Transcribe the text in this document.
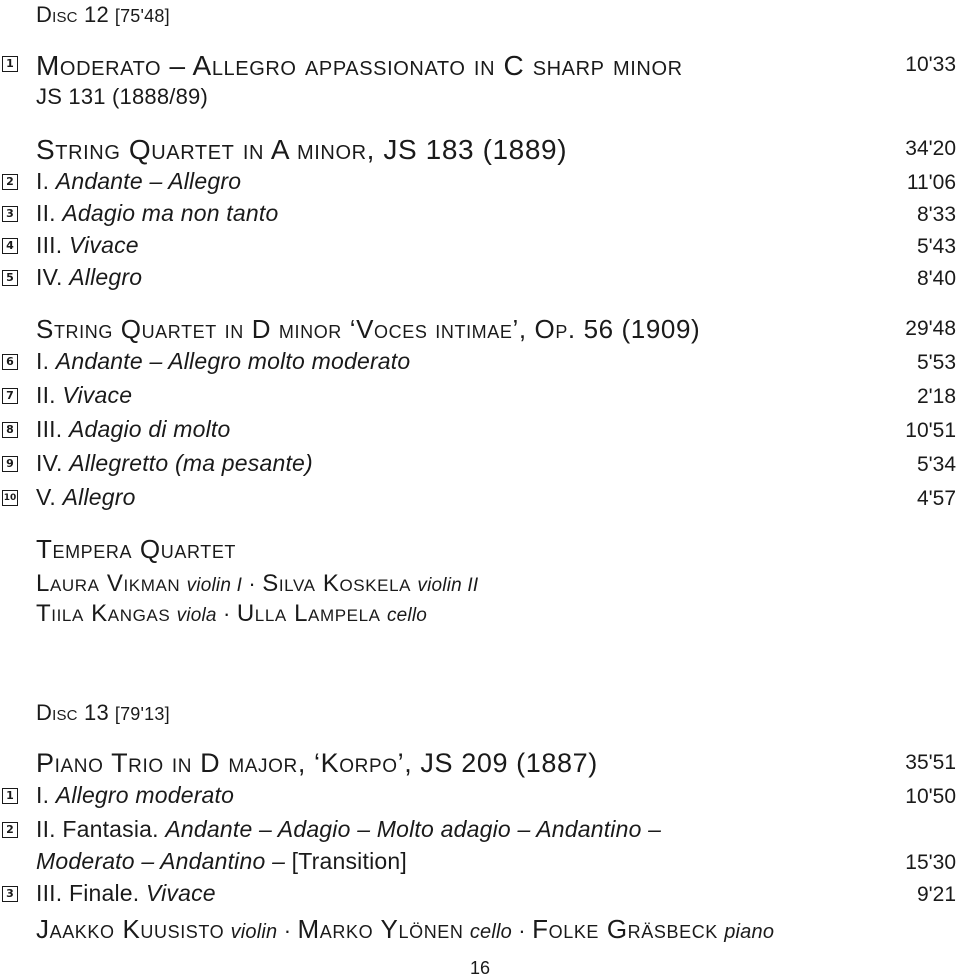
Disc 12 [75'48]
1 Moderato – Allegro appassionato in C sharp minor	10'33
JS 131 (1888/89)
String Quartet in A minor, JS 183 (1889)	34'20
2 I. Andante – Allegro	11'06
3 II. Adagio ma non tanto	8'33
4 III. Vivace	5'43
5 IV. Allegro	8'40
String Quartet in D minor ‘Voces intimae’, Op. 56 (1909)	29'48
6 I. Andante – Allegro molto moderato	5'53
7 II. Vivace	2'18
8 III. Adagio di molto	10'51
9 IV. Allegretto (ma pesante)	5'34
10 V. Allegro	4'57
Tempera Quartet
Laura Vikman violin I · Silva Koskela violin II
Tiila Kangas viola · Ulla Lampela cello
Disc 13 [79'13]
Piano Trio in D major, ‘Korpo’, JS 209 (1887)	35'51
1 I. Allegro moderato	10'50
2 II. Fantasia. Andante – Adagio – Molto adagio – Andantino –
Moderato – Andantino – [Transition]	15'30
3 III. Finale. Vivace	9'21
Jaakko Kuusisto violin · Marko Ylönen cello · Folke Gräsbeck piano
16
